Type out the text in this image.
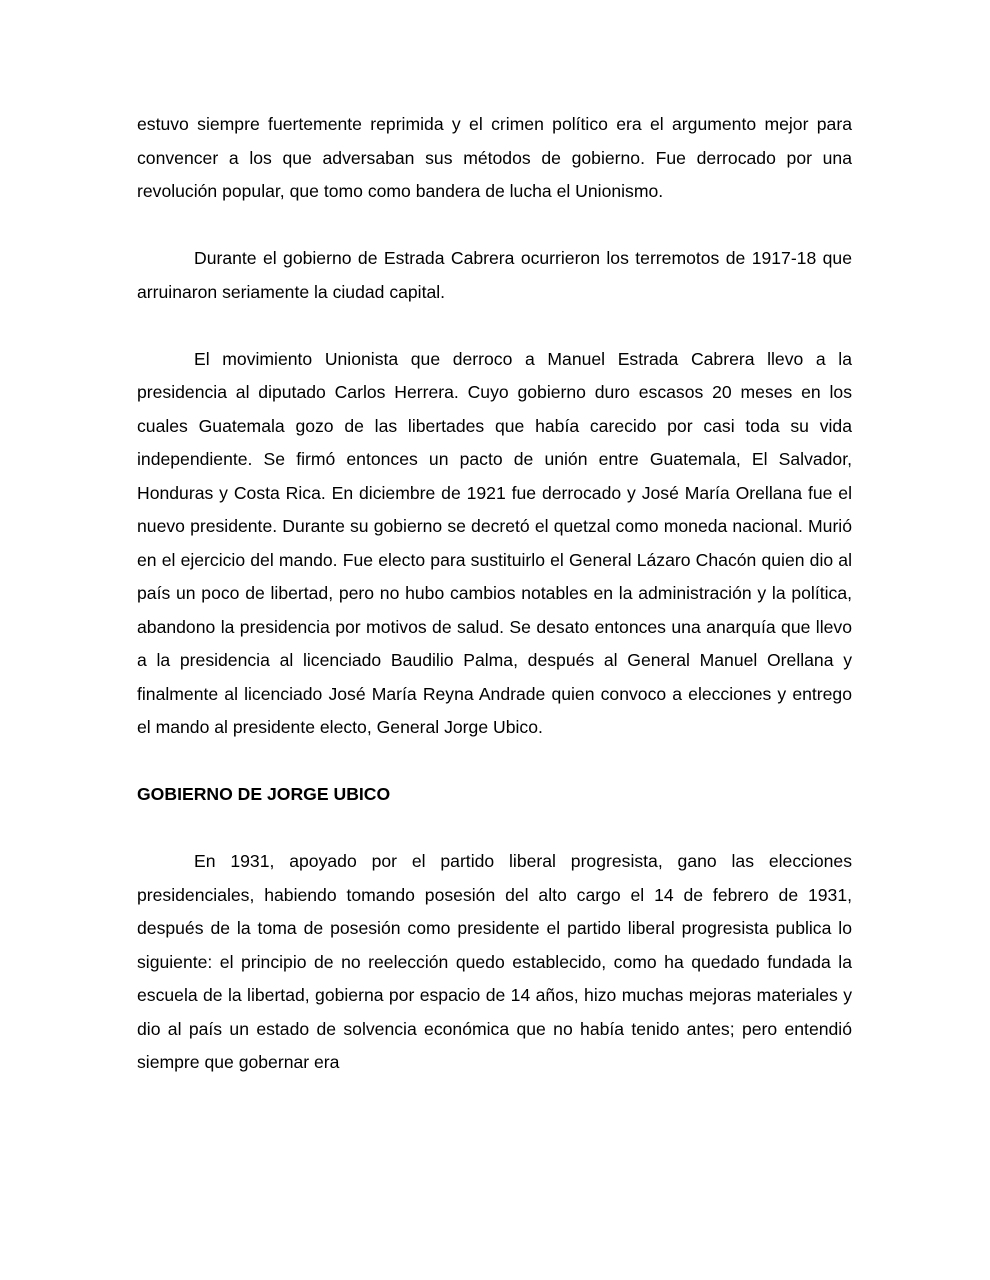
estuvo siempre fuertemente reprimida y el crimen político era el argumento mejor para convencer a los que adversaban sus métodos de gobierno. Fue derrocado por una revolución popular, que tomo como bandera de lucha el Unionismo.

Durante el gobierno de Estrada Cabrera ocurrieron los terremotos de 1917-18 que arruinaron seriamente la ciudad capital.

El movimiento Unionista que derroco a Manuel Estrada Cabrera llevo a la presidencia al diputado Carlos Herrera. Cuyo gobierno duro escasos 20 meses en los cuales Guatemala gozo de las libertades que había carecido por casi toda su vida independiente. Se firmó entonces un pacto de unión entre Guatemala, El Salvador, Honduras y Costa Rica. En diciembre de 1921 fue derrocado y José María Orellana fue el nuevo presidente. Durante su gobierno se decretó el quetzal como moneda nacional. Murió en el ejercicio del mando. Fue electo para sustituirlo el General Lázaro Chacón quien dio al país un poco de libertad, pero no hubo cambios notables en la administración y la política, abandono la presidencia por motivos de salud. Se desato entonces una anarquía que llevo a la presidencia al licenciado Baudilio Palma, después al General Manuel Orellana y finalmente al licenciado José María Reyna Andrade quien convoco a elecciones y entrego el mando al presidente electo, General Jorge Ubico.

GOBIERNO DE JORGE UBICO

En 1931, apoyado por el partido liberal progresista, gano las elecciones presidenciales, habiendo tomando posesión del alto cargo el 14 de febrero de 1931, después de la toma de posesión como presidente el partido liberal progresista publica lo siguiente: el principio de no reelección quedo establecido, como ha quedado fundada la escuela de la libertad, gobierna por espacio de 14 años, hizo muchas mejoras materiales y dio al país un estado de solvencia económica que no había tenido antes; pero entendió siempre que gobernar era
